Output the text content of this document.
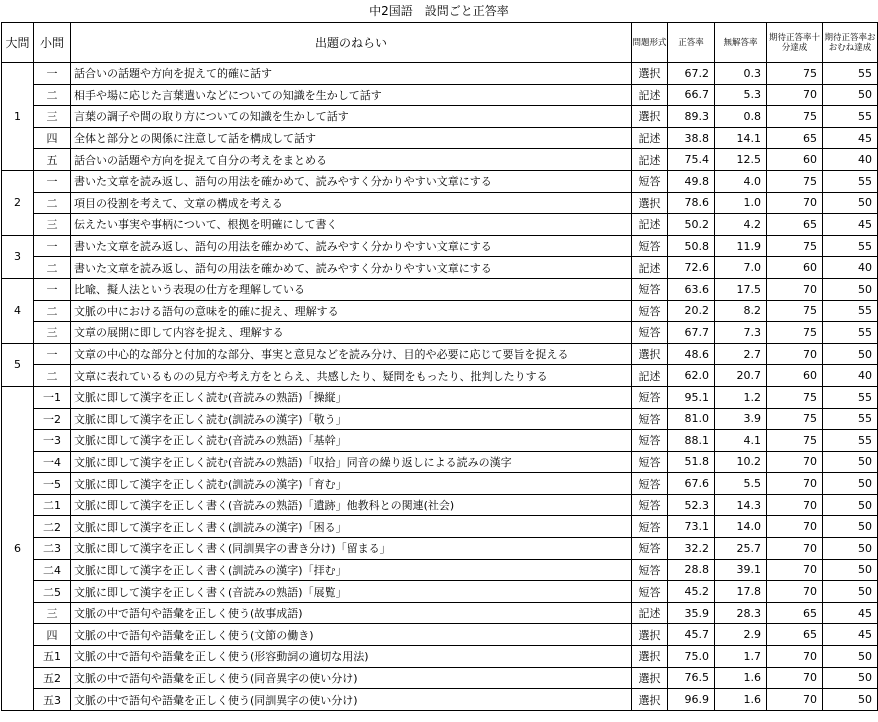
中2国語　設問ごと正答率
大問	小問	出題のねらい	問題形式	正答率	無解答率	期待正答率十分達成	期待正答率おおむね達成
1	一	話合いの話題や方向を捉えて的確に話す	選択	67.2	0.3	75	55
	二	相手や場に応じた言葉遣いなどについての知識を生かして話す	記述	66.7	5.3	70	50
	三	言葉の調子や間の取り方についての知識を生かして話す	選択	89.3	0.8	75	55
	四	全体と部分との関係に注意して話を構成して話す	記述	38.8	14.1	65	45
	五	話合いの話題や方向を捉えて自分の考えをまとめる	記述	75.4	12.5	60	40
2	一	書いた文章を読み返し、語句の用法を確かめて、読みやすく分かりやすい文章にする	短答	49.8	4.0	75	55
	二	項目の役割を考えて、文章の構成を考える	選択	78.6	1.0	70	50
	三	伝えたい事実や事柄について、根拠を明確にして書く	記述	50.2	4.2	65	45
3	一	書いた文章を読み返し、語句の用法を確かめて、読みやすく分かりやすい文章にする	短答	50.8	11.9	75	55
	二	書いた文章を読み返し、語句の用法を確かめて、読みやすく分かりやすい文章にする	記述	72.6	7.0	60	40
4	一	比喩、擬人法という表現の仕方を理解している	短答	63.6	17.5	70	50
	二	文脈の中における語句の意味を的確に捉え、理解する	短答	20.2	8.2	75	55
	三	文章の展開に即して内容を捉え、理解する	短答	67.7	7.3	75	55
5	一	文章の中心的な部分と付加的な部分、事実と意見などを読み分け、目的や必要に応じて要旨を捉える	選択	48.6	2.7	70	50
	二	文章に表れているものの見方や考え方をとらえ、共感したり、疑問をもったり、批判したりする	記述	62.0	20.7	60	40
6	一1	文脈に即して漢字を正しく読む(音読みの熟語)「操縦」	短答	95.1	1.2	75	55
	一2	文脈に即して漢字を正しく読む(訓読みの漢字)「敬う」	短答	81.0	3.9	75	55
	一3	文脈に即して漢字を正しく読む(音読みの熟語)「基幹」	短答	88.1	4.1	75	55
	一4	文脈に即して漢字を正しく読む(音読みの熟語)「収拾」同音の繰り返しによる読みの漢字	短答	51.8	10.2	70	50
	一5	文脈に即して漢字を正しく読む(訓読みの漢字)「育む」	短答	67.6	5.5	70	50
	二1	文脈に即して漢字を正しく書く(音読みの熟語)「遺跡」他教科との関連(社会)	短答	52.3	14.3	70	50
	二2	文脈に即して漢字を正しく書く(訓読みの漢字)「困る」	短答	73.1	14.0	70	50
	二3	文脈に即して漢字を正しく書く(同訓異字の書き分け)「留まる」	短答	32.2	25.7	70	50
	二4	文脈に即して漢字を正しく書く(訓読みの漢字)「拝む」	短答	28.8	39.1	70	50
	二5	文脈に即して漢字を正しく書く(音読みの熟語)「展覧」	短答	45.2	17.8	70	50
	三	文脈の中で語句や語彙を正しく使う(故事成語)	記述	35.9	28.3	65	45
	四	文脈の中で語句や語彙を正しく使う(文節の働き)	選択	45.7	2.9	65	45
	五1	文脈の中で語句や語彙を正しく使う(形容動詞の適切な用法)	選択	75.0	1.7	70	50
	五2	文脈の中で語句や語彙を正しく使う(同音異字の使い分け)	選択	76.5	1.6	70	50
	五3	文脈の中で語句や語彙を正しく使う(同訓異字の使い分け)	選択	96.9	1.6	70	50
